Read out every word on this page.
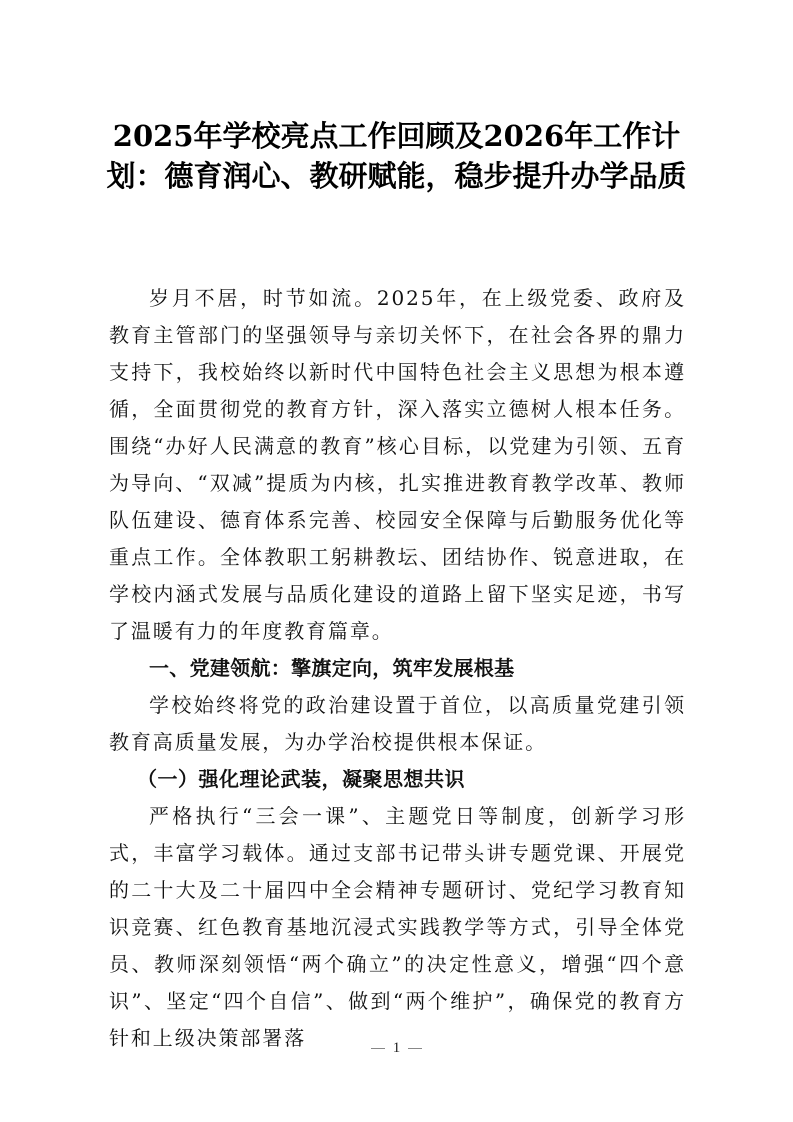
2025年学校亮点工作回顾及2026年工作计划：德育润心、教研赋能，稳步提升办学品质

岁月不居，时节如流。2025年，在上级党委、政府及教育主管部门的坚强领导与亲切关怀下，在社会各界的鼎力支持下，我校始终以新时代中国特色社会主义思想为根本遵循，全面贯彻党的教育方针，深入落实立德树人根本任务。围绕“办好人民满意的教育”核心目标，以党建为引领、五育为导向、“双减”提质为内核，扎实推进教育教学改革、教师队伍建设、德育体系完善、校园安全保障与后勤服务优化等重点工作。全体教职工躬耕教坛、团结协作、锐意进取，在学校内涵式发展与品质化建设的道路上留下坚实足迹，书写了温暖有力的年度教育篇章。

一、党建领航：擎旗定向，筑牢发展根基

学校始终将党的政治建设置于首位，以高质量党建引领教育高质量发展，为办学治校提供根本保证。

（一）强化理论武装，凝聚思想共识

严格执行“三会一课”、主题党日等制度，创新学习形式，丰富学习载体。通过支部书记带头讲专题党课、开展党的二十大及二十届四中全会精神专题研讨、党纪学习教育知识竞赛、红色教育基地沉浸式实践教学等方式，引导全体党员、教师深刻领悟“两个确立”的决定性意义，增强“四个意识”、坚定“四个自信”、做到“两个维护”，确保党的教育方针和上级决策部署落	1
